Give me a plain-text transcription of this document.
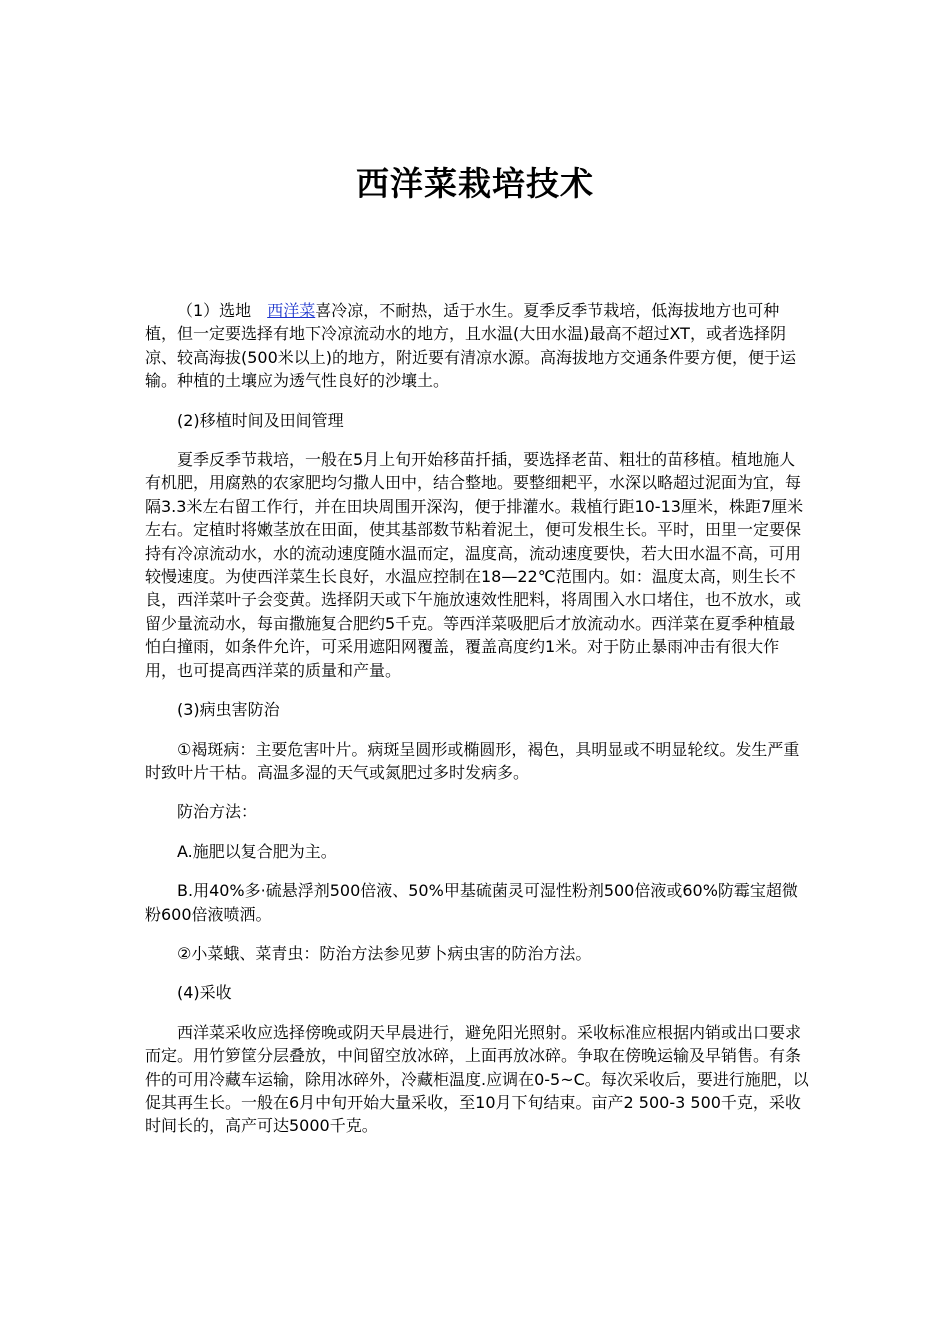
西洋菜栽培技术

（1）选地　西洋菜喜冷凉，不耐热，适于水生。夏季反季节栽培，低海拔地方也可种植，但一定要选择有地下冷凉流动水的地方，且水温(大田水温)最高不超过XT，或者选择阴凉、较高海拔(500米以上)的地方，附近要有清凉水源。高海拔地方交通条件要方便，便于运输。种植的土壤应为透气性良好的沙壤土。

(2)移植时间及田间管理

夏季反季节栽培，一般在5月上旬开始移苗扦插，要选择老苗、粗壮的苗移植。植地施人有机肥，用腐熟的农家肥均匀撒人田中，结合整地。要整细耙平，水深以略超过泥面为宜，每隔3.3米左右留工作行，并在田块周围开深沟，便于排灌水。栽植行距10-13厘米，株距7厘米左右。定植时将嫩茎放在田面，使其基部数节粘着泥土，便可发根生长。平时，田里一定要保持有冷凉流动水，水的流动速度随水温而定，温度高，流动速度要快，若大田水温不高，可用较慢速度。为使西洋菜生长良好，水温应控制在18—22℃范围内。如：温度太高，则生长不良，西洋菜叶子会变黄。选择阴天或下午施放速效性肥料，将周围入水口堵住，也不放水，或留少量流动水，每亩撒施复合肥约5千克。等西洋菜吸肥后才放流动水。西洋菜在夏季种植最怕白撞雨，如条件允许，可采用遮阳网覆盖，覆盖高度约1米。对于防止暴雨冲击有很大作用，也可提高西洋菜的质量和产量。

(3)病虫害防治

①褐斑病：主要危害叶片。病斑呈圆形或椭圆形，褐色，具明显或不明显轮纹。发生严重时致叶片干枯。高温多湿的天气或氮肥过多时发病多。

防治方法：

A.施肥以复合肥为主。

B.用40%多·硫悬浮剂500倍液、50%甲基硫菌灵可湿性粉剂500倍液或60%防霉宝超微粉600倍液喷洒。

②小菜蛾、菜青虫：防治方法参见萝卜病虫害的防治方法。

(4)采收

西洋菜采收应选择傍晚或阴天早晨进行，避免阳光照射。采收标准应根据内销或出口要求而定。用竹箩筐分层叠放，中间留空放冰碎，上面再放冰碎。争取在傍晚运输及早销售。有条件的可用冷藏车运输，除用冰碎外，冷藏柜温度.应调在0-5~C。每次采收后，要进行施肥，以促其再生长。一般在6月中旬开始大量采收，至10月下旬结束。亩产2 500-3 500千克，采收时间长的，高产可达5000千克。
